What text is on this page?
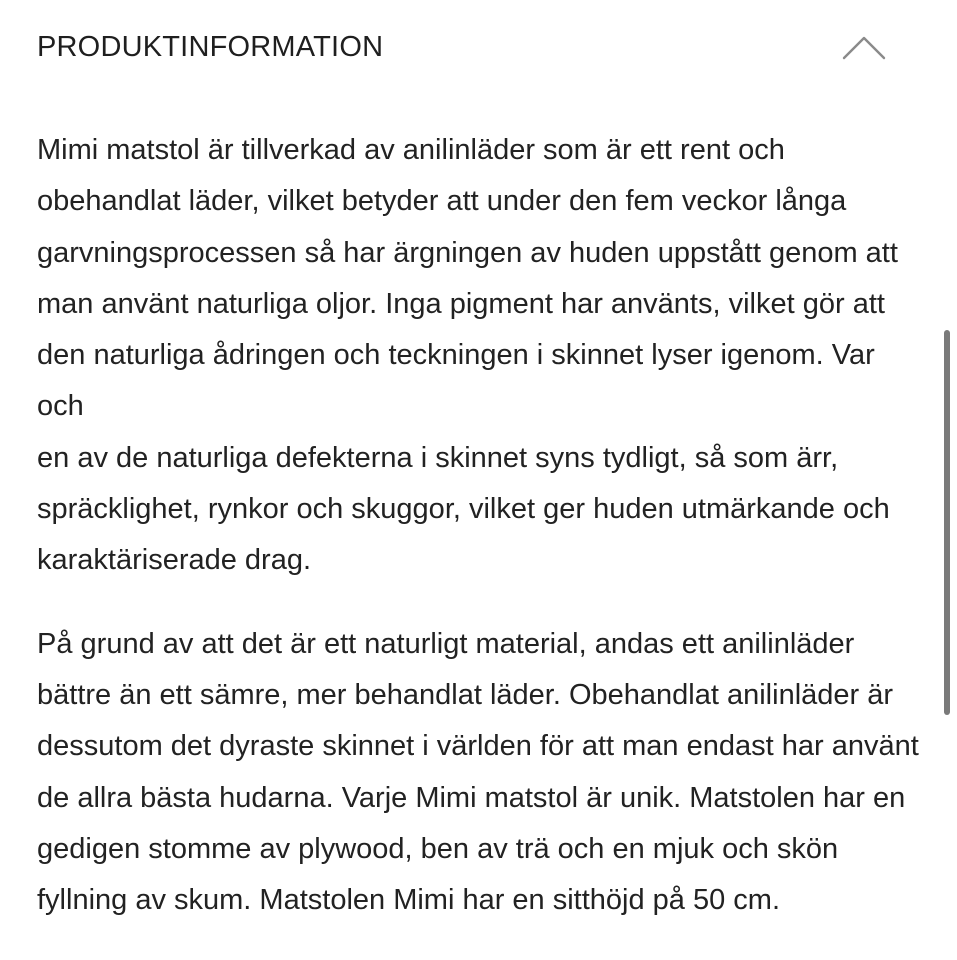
PRODUKTINFORMATION

Mimi matstol är tillverkad av anilinläder som är ett rent och
obehandlat läder, vilket betyder att under den fem veckor långa
garvningsprocessen så har ärgningen av huden uppstått genom att
man använt naturliga oljor. Inga pigment har använts, vilket gör att
den naturliga ådringen och teckningen i skinnet lyser igenom. Var och
en av de naturliga defekterna i skinnet syns tydligt, så som ärr,
spräcklighet, rynkor och skuggor, vilket ger huden utmärkande och
karaktäriserade drag.

På grund av att det är ett naturligt material, andas ett anilinläder
bättre än ett sämre, mer behandlat läder. Obehandlat anilinläder är
dessutom det dyraste skinnet i världen för att man endast har använt
de allra bästa hudarna. Varje Mimi matstol är unik. Matstolen har en
gedigen stomme av plywood, ben av trä och en mjuk och skön
fyllning av skum. Matstolen Mimi har en sitthöjd på 50 cm.
